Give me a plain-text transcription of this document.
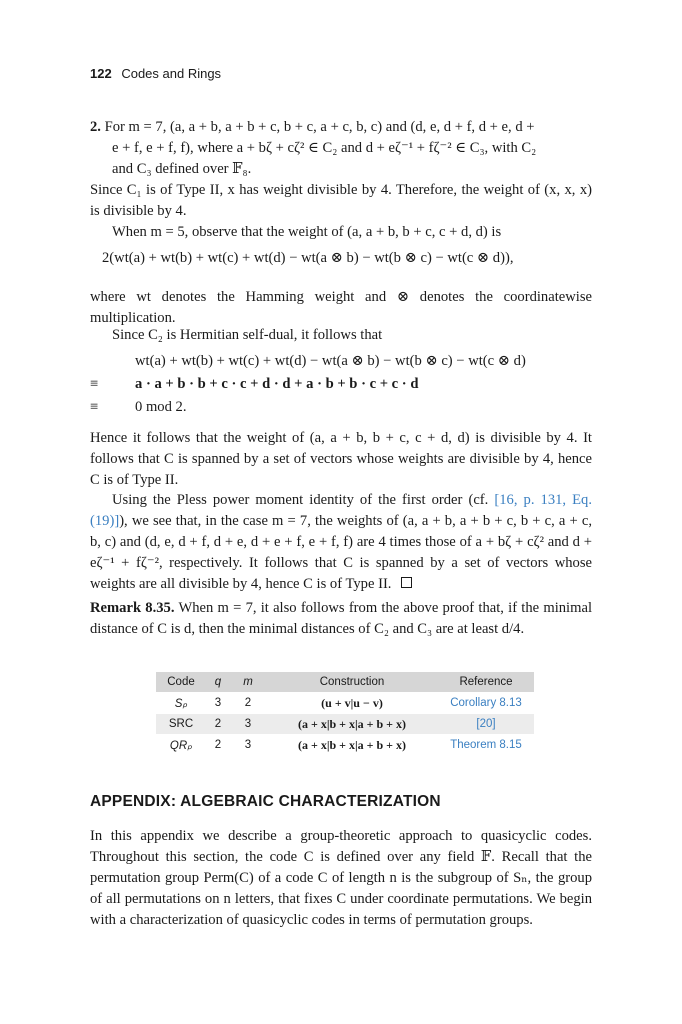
122 Codes and Rings
2. For m = 7, (a, a + b, a + b + c, b + c, a + c, b, c) and (d, e, d + f, d + e, d +
e + f, e + f, f), where a + bζ + cζ² ∈ C₂ and d + eζ⁻¹ + fζ⁻² ∈ C₃, with C₂
and C₃ defined over 𝔽₈.

Since C₁ is of Type II, x has weight divisible by 4. Therefore, the weight of (x, x, x) is divisible by 4.

When m = 5, observe that the weight of (a, a + b, b + c, c + d, d) is

2(wt(a) + wt(b) + wt(c) + wt(d) − wt(a ⊗ b) − wt(b ⊗ c) − wt(c ⊗ d)),

where wt denotes the Hamming weight and ⊗ denotes the coordinatewise multiplication.

Since C₂ is Hermitian self-dual, it follows that

wt(a) + wt(b) + wt(c) + wt(d) − wt(a ⊗ b) − wt(b ⊗ c) − wt(c ⊗ d)
≡	a · a + b · b + c · c + d · d + a · b + b · c + c · d
≡	0 mod 2.

Hence it follows that the weight of (a, a + b, b + c, c + d, d) is divisible by 4. It follows that C is spanned by a set of vectors whose weights are divisible by 4, hence C is of Type II.

Using the Pless power moment identity of the first order (cf. [16, p. 131, Eq. (19)]), we see that, in the case m = 7, the weights of (a, a + b, a + b + c, b + c, a + c, b, c) and (d, e, d + f, d + e, d + e + f, e + f, f) are 4 times those of a + bζ + cζ² and d + eζ⁻¹ + fζ⁻², respectively. It follows that C is spanned by a set of vectors whose weights are all divisible by 4, hence C is of Type II.

Remark 8.35. When m = 7, it also follows from the above proof that, if the minimal distance of C is d, then the minimal distances of C₂ and C₃ are at least d/4.

Code	q	m	Construction	Reference
Sₚ	3	2	(u + v|u − v)	Corollary 8.13
SRC	2	3	(a + x|b + x|a + b + x)	[20]
QRₚ	2	3	(a + x|b + x|a + b + x)	Theorem 8.15
APPENDIX: ALGEBRAIC CHARACTERIZATION

In this appendix we describe a group-theoretic approach to quasicyclic codes. Throughout this section, the code C is defined over any field 𝔽. Recall that the permutation group Perm(C) of a code C of length n is the subgroup of Sₙ, the group of all permutations on n letters, that fixes C under coordinate permutations. We begin with a characterization of quasicyclic codes in terms of permutation groups.
